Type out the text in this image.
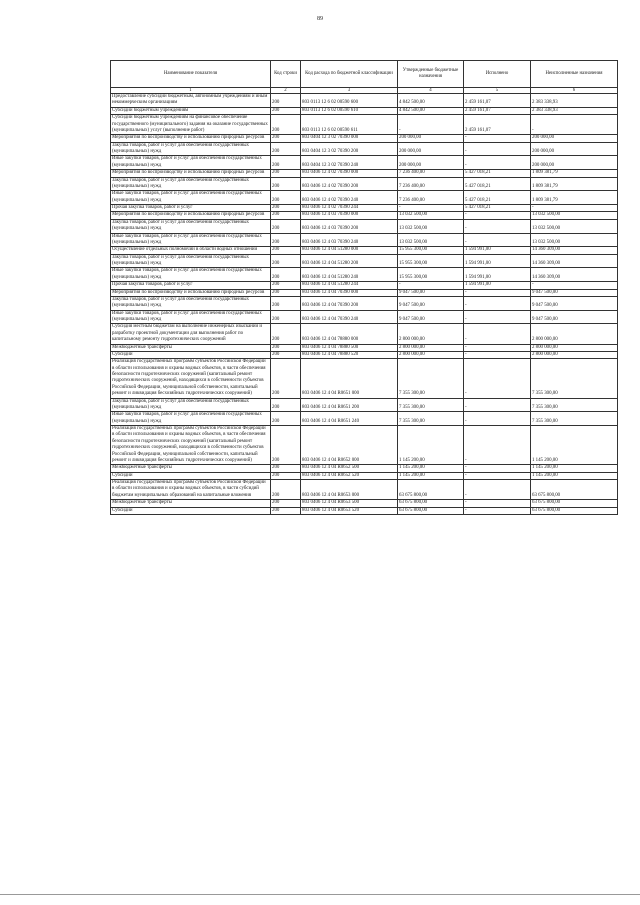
89
Наименование показателя	Код строки	Код расхода по бюджетной классификации	Утвержденные бюджетные назначения	Исполнено	Неисполненные назначения
1	2	3	4	5	6
Предоставление субсидий бюджетным, автономным учреждениям и иным некоммерческим организациям	200	803 0113 12 6 02 00590 600	4 842 500,00	2 459 161,07	2 383 338,93
Субсидии бюджетным учреждениям	200	803 0113 12 6 02 00590 610	4 842 500,00	2 459 161,07	2 383 338,93
Субсидии бюджетным учреждениям на финансовое обеспечение государственного (муниципального) задания на оказание государственных (муниципальных) услуг (выполнение работ)	200	803 0113 12 6 02 00590 611	-	2 459 161,07	-
Мероприятия по воспроизводству и использованию природных ресурсов	200	803 0404 12 3 02 70390 000	200 000,00	-	200 000,00
Закупка товаров, работ и услуг для обеспечения государственных (муниципальных) нужд	200	803 0404 12 3 02 70390 200	200 000,00	-	200 000,00
Иные закупки товаров, работ и услуг для обеспечения государственных (муниципальных) нужд	200	803 0404 12 3 02 70390 240	200 000,00	-	200 000,00
Мероприятия по воспроизводству и использованию природных ресурсов	200	803 0406 12 4 02 70390 000	7 236 400,00	5 427 018,21	1 809 381,79
Закупка товаров, работ и услуг для обеспечения государственных (муниципальных) нужд	200	803 0406 12 4 02 70390 200	7 236 400,00	5 427 018,21	1 809 381,79
Иные закупки товаров, работ и услуг для обеспечения государственных (муниципальных) нужд	200	803 0406 12 4 02 70390 240	7 236 400,00	5 427 018,21	1 809 381,79
Прочая закупка товаров, работ и услуг	200	803 0406 12 4 02 70390 244	-	5 427 018,21	-
Мероприятия по воспроизводству и использованию природных ресурсов	200	803 0406 12 4 03 70390 000	13 032 500,00	-	13 032 500,00
Закупка товаров, работ и услуг для обеспечения государственных (муниципальных) нужд	200	803 0406 12 4 03 70390 200	13 032 500,00	-	13 032 500,00
Иные закупки товаров, работ и услуг для обеспечения государственных (муниципальных) нужд	200	803 0406 12 4 03 70390 240	13 032 500,00	-	13 032 500,00
Осуществление отдельных полномочий в области водных отношений	200	803 0406 12 4 04 51280 000	15 955 300,00	1 594 991,00	14 360 309,00
Закупка товаров, работ и услуг для обеспечения государственных (муниципальных) нужд	200	803 0406 12 4 04 51280 200	15 955 300,00	1 594 991,00	14 360 309,00
Иные закупки товаров, работ и услуг для обеспечения государственных (муниципальных) нужд	200	803 0406 12 4 04 51280 240	15 955 300,00	1 594 991,00	14 360 309,00
Прочая закупка товаров, работ и услуг	200	803 0406 12 4 04 51280 244	-	1 594 991,00	-
Мероприятия по воспроизводству и использованию природных ресурсов	200	803 0406 12 4 04 70390 000	9 047 500,00	-	9 047 500,00
Закупка товаров, работ и услуг для обеспечения государственных (муниципальных) нужд	200	803 0406 12 4 04 70390 200	9 047 500,00	-	9 047 500,00
Иные закупки товаров, работ и услуг для обеспечения государственных (муниципальных) нужд	200	803 0406 12 4 04 70390 240	9 047 500,00	-	9 047 500,00
Субсидия местным бюджетам на выполнение инженерных изысканий и разработку проектной документации для выполнения работ по капитальному ремонту гидротехнических сооружений	200	803 0406 12 4 04 78880 000	2 800 000,00	-	2 800 000,00
Межбюджетные трансферты	200	803 0406 12 4 04 78880 500	2 800 000,00	-	2 800 000,00
Субсидии	200	803 0406 12 4 04 78880 520	2 800 000,00	-	2 800 000,00
Реализация государственных программ субъектов Российской Федерации в области использования и охраны водных объектов, в части обеспечения безопасности гидротехнических сооружений (капитальный ремонт гидротехнических сооружений, находящихся в собственности субъектов Российской Федерации, муниципальной собственности, капитальный ремонт и ликвидация бесхозяйных гидротехнических сооружений)	200	803 0406 12 4 04 R0651 000	7 355 300,00	-	7 355 300,00
Закупка товаров, работ и услуг для обеспечения государственных (муниципальных) нужд	200	803 0406 12 4 04 R0651 200	7 355 300,00	-	7 355 300,00
Иные закупки товаров, работ и услуг для обеспечения государственных (муниципальных) нужд	200	803 0406 12 4 04 R0651 240	7 355 300,00	-	7 355 300,00
Реализация государственных программ субъектов Российской Федерации в области использования и охраны водных объектов, в части обеспечения безопасности гидротехнических сооружений (капитальный ремонт гидротехнических сооружений, находящихся в собственности субъектов Российской Федерации, муниципальной собственности, капитальный ремонт и ликвидация бесхозяйных гидротехнических сооружений)	200	803 0406 12 4 04 R0652 000	1 145 200,00	-	1 145 200,00
Межбюджетные трансферты	200	803 0406 12 4 04 R0652 500	1 145 200,00	-	1 145 200,00
Субсидии	200	803 0406 12 4 04 R0652 520	1 145 200,00	-	1 145 200,00
Реализация государственных программ субъектов Российской Федерации в области использования и охраны водных объектов, в части субсидий бюджетам муниципальных образований на капитальные вложения	200	803 0406 12 4 04 R0653 000	63 675 800,00	-	63 675 800,00
Межбюджетные трансферты	200	803 0406 12 4 04 R0653 500	63 675 800,00	-	63 675 800,00
Субсидии	200	803 0406 12 4 04 R0653 520	63 675 800,00	-	63 675 800,00
